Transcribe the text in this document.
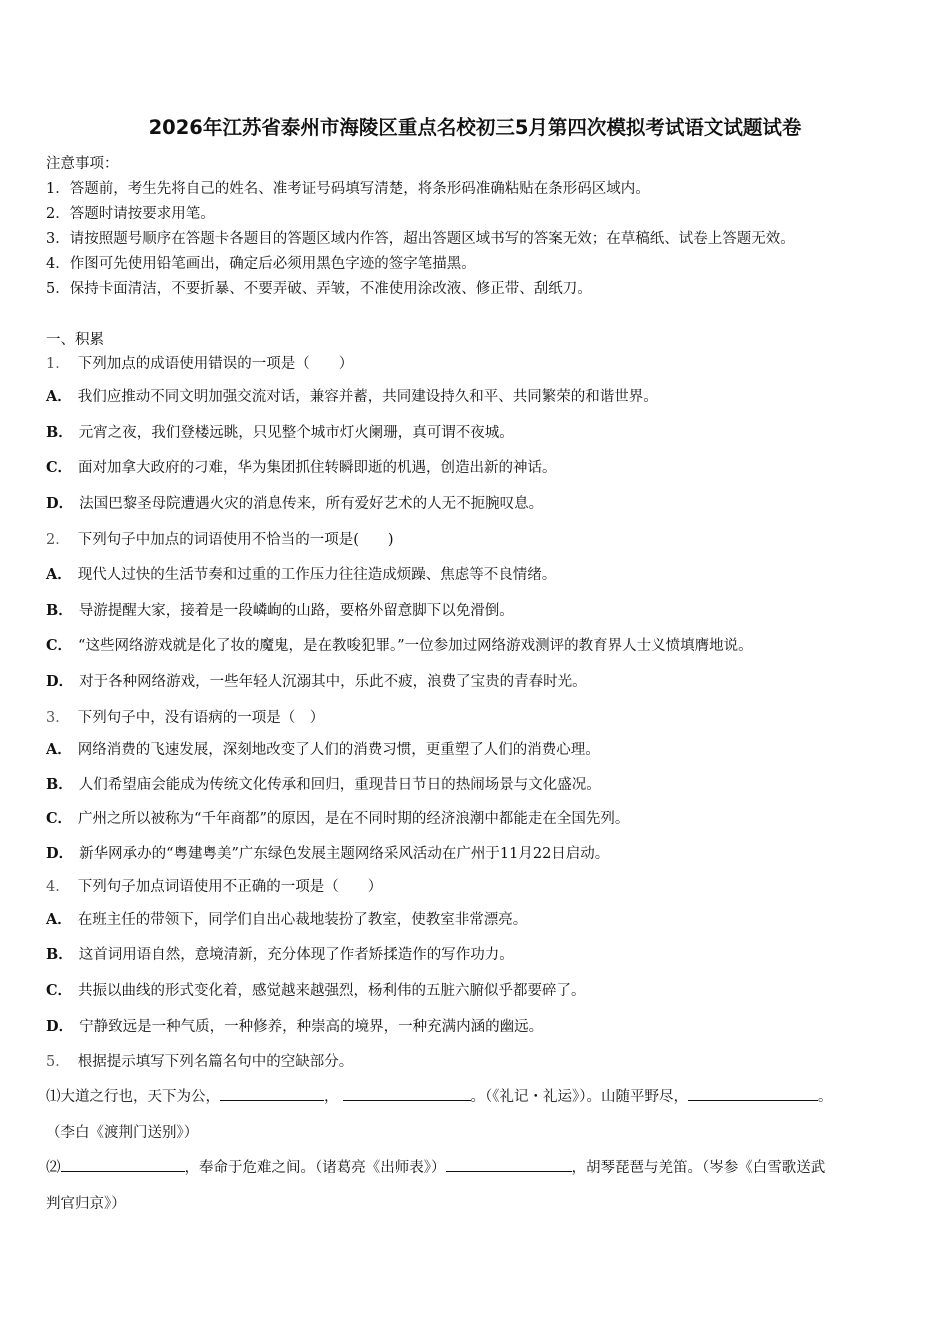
2026年江苏省泰州市海陵区重点名校初三5月第四次模拟考试语文试题试卷
注意事项：
1．答题前，考生先将自己的姓名、准考证号码填写清楚，将条形码准确粘贴在条形码区域内。
2．答题时请按要求用笔。
3．请按照题号顺序在答题卡各题目的答题区域内作答，超出答题区域书写的答案无效；在草稿纸、试卷上答题无效。
4．作图可先使用铅笔画出，确定后必须用黑色字迹的签字笔描黑。
5．保持卡面清洁，不要折暴、不要弄破、弄皱，不准使用涂改液、修正带、刮纸刀。
一、积累
1． 下列加点的成语使用错误的一项是（　　）
A． 我们应推动不同文明加强交流对话，兼容并蓄，共同建设持久和平、共同繁荣的和谐世界。
B． 元宵之夜，我们登楼远眺，只见整个城市灯火阑珊，真可谓不夜城。
C． 面对加拿大政府的刁难，华为集团抓住转瞬即逝的机遇，创造出新的神话。
D． 法国巴黎圣母院遭遇火灾的消息传来，所有爱好艺术的人无不扼腕叹息。
2． 下列句子中加点的词语使用不恰当的一项是(　　)
A． 现代人过快的生活节奏和过重的工作压力往往造成烦躁、焦虑等不良情绪。
B． 导游提醒大家，接着是一段嶙峋的山路，要格外留意脚下以免滑倒。
C． “这些网络游戏就是化了妆的魔鬼，是在教唆犯罪。”一位参加过网络游戏测评的教育界人士义愤填膺地说。
D． 对于各种网络游戏，一些年轻人沉溺其中，乐此不疲，浪费了宝贵的青春时光。
3． 下列句子中，没有语病的一项是（　）
A． 网络消费的飞速发展，深刻地改变了人们的消费习惯，更重塑了人们的消费心理。
B． 人们希望庙会能成为传统文化传承和回归，重现昔日节日的热闹场景与文化盛况。
C． 广州之所以被称为“千年商都”的原因，是在不同时期的经济浪潮中都能走在全国先列。
D． 新华网承办的“粤建粤美”广东绿色发展主题网络采风活动在广州于11月22日启动。
4． 下列句子加点词语使用不正确的一项是（　　）
A． 在班主任的带领下，同学们自出心裁地装扮了教室，使教室非常漂亮。
B． 这首词用语自然，意境清新，充分体现了作者矫揉造作的写作功力。
C． 共振以曲线的形式变化着，感觉越来越强烈，杨利伟的五脏六腑似乎都要碎了。
D． 宁静致远是一种气质，一种修养，种崇高的境界，一种充满内涵的幽远。
5． 根据提示填写下列名篇名句中的空缺部分。
⑴大道之行也，天下为公，	，	。（《礼记・礼运》）。山随平野尽，	。
（李白《渡荆门送别》）
⑵	，奉命于危难之间。（诸葛亮《出师表》）	，胡琴琵琶与羌笛。（岑参《白雪歌送武
判官归京》）
